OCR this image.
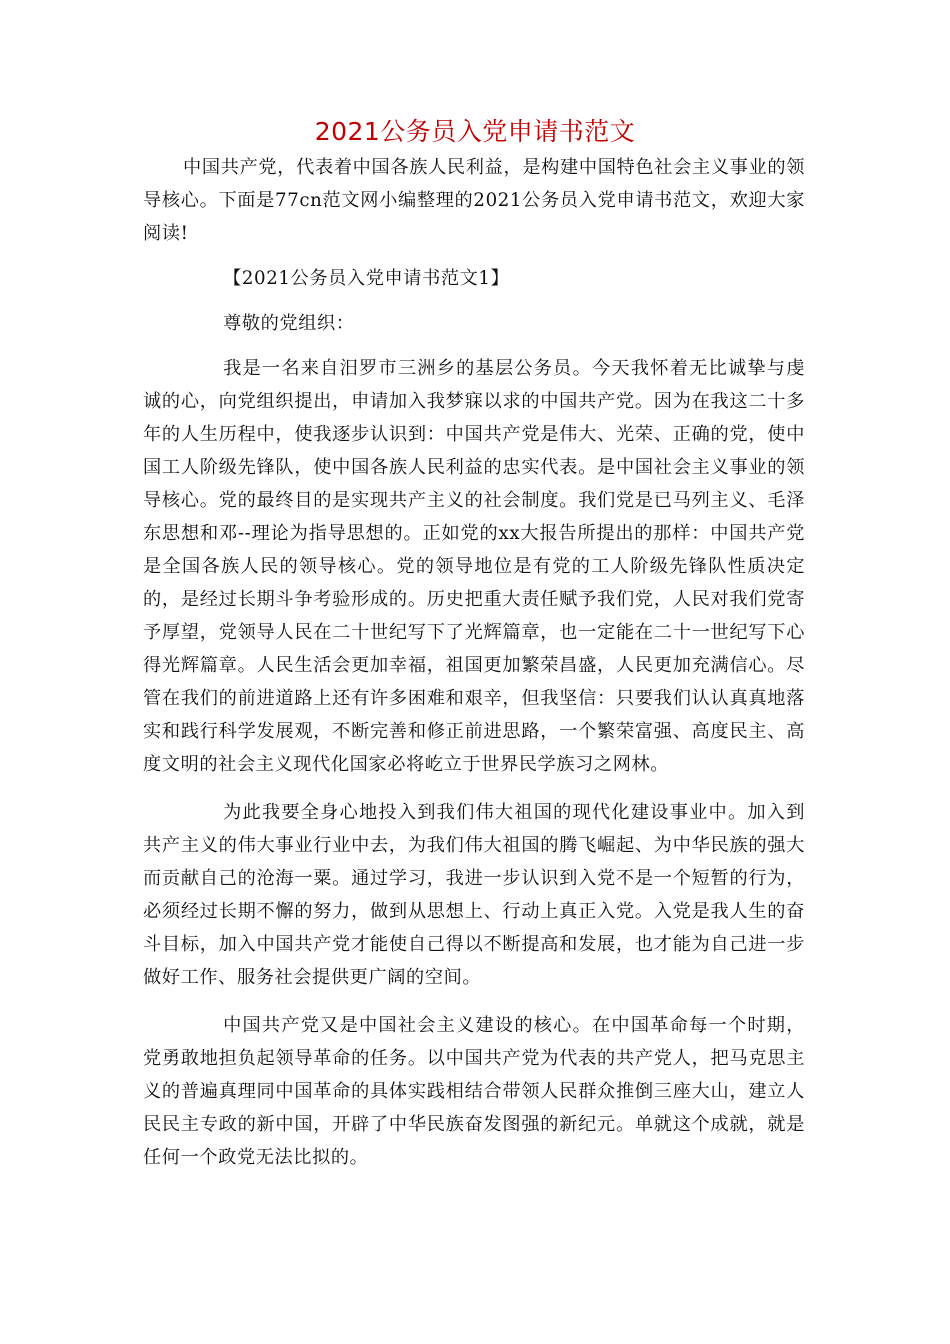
2021公务员入党申请书范文

中国共产党，代表着中国各族人民利益，是构建中国特色社会主义事业的领导核心。下面是77cn范文网小编整理的2021公务员入党申请书范文，欢迎大家阅读!

【2021公务员入党申请书范文1】

尊敬的党组织：

我是一名来自汨罗市三洲乡的基层公务员。今天我怀着无比诚挚与虔诚的心，向党组织提出，申请加入我梦寐以求的中国共产党。因为在我这二十多年的人生历程中，使我逐步认识到：中国共产党是伟大、光荣、正确的党，使中国工人阶级先锋队，使中国各族人民利益的忠实代表。是中国社会主义事业的领导核心。党的最终目的是实现共产主义的社会制度。我们党是已马列主义、毛泽东思想和邓--理论为指导思想的。正如党的xx大报告所提出的那样：中国共产党是全国各族人民的领导核心。党的领导地位是有党的工人阶级先锋队性质决定的，是经过长期斗争考验形成的。历史把重大责任赋予我们党，人民对我们党寄予厚望，党领导人民在二十世纪写下了光辉篇章，也一定能在二十一世纪写下心得光辉篇章。人民生活会更加幸福，祖国更加繁荣昌盛，人民更加充满信心。尽管在我们的前进道路上还有许多困难和艰辛，但我坚信：只要我们认认真真地落实和践行科学发展观，不断完善和修正前进思路，一个繁荣富强、高度民主、高度文明的社会主义现代化国家必将屹立于世界民学族习之网林。

为此我要全身心地投入到我们伟大祖国的现代化建设事业中。加入到共产主义的伟大事业行业中去，为我们伟大祖国的腾飞崛起、为中华民族的强大而贡献自己的沧海一粟。通过学习，我进一步认识到入党不是一个短暂的行为，必须经过长期不懈的努力，做到从思想上、行动上真正入党。入党是我人生的奋斗目标，加入中国共产党才能使自己得以不断提高和发展，也才能为自己进一步做好工作、服务社会提供更广阔的空间。

中国共产党又是中国社会主义建设的核心。在中国革命每一个时期，党勇敢地担负起领导革命的任务。以中国共产党为代表的共产党人，把马克思主义的普遍真理同中国革命的具体实践相结合带领人民群众推倒三座大山，建立人民民主专政的新中国，开辟了中华民族奋发图强的新纪元。单就这个成就，就是任何一个政党无法比拟的。
